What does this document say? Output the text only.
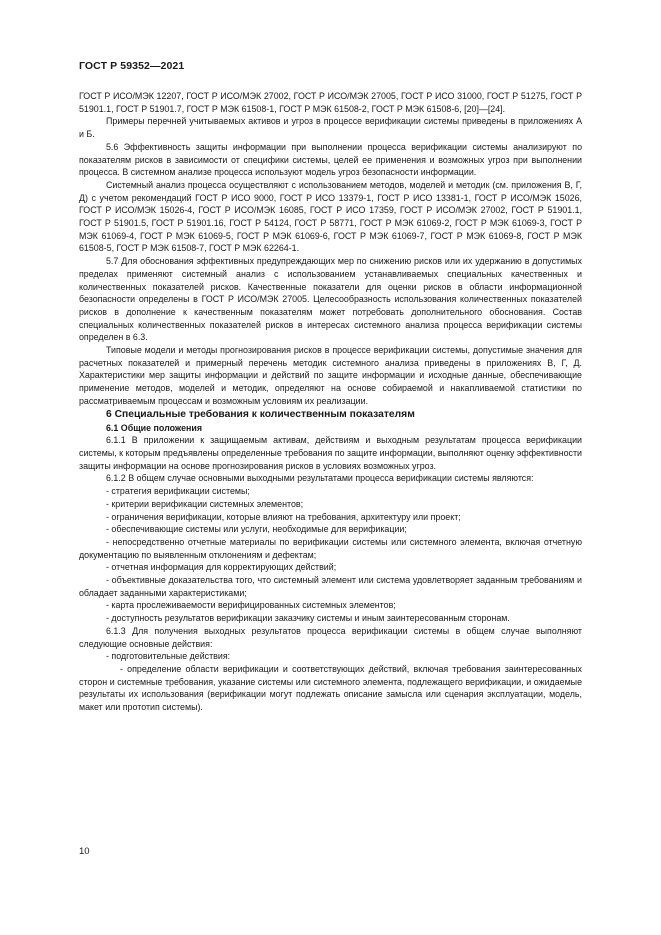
ГОСТ Р 59352—2021

ГОСТ Р ИСО/МЭК 12207, ГОСТ Р ИСО/МЭК 27002, ГОСТ Р ИСО/МЭК 27005, ГОСТ Р ИСО 31000, ГОСТ Р 51275, ГОСТ Р 51901.1, ГОСТ Р 51901.7, ГОСТ Р МЭК 61508-1, ГОСТ Р МЭК 61508-2, ГОСТ Р МЭК 61508-6, [20]—[24].

Примеры перечней учитываемых активов и угроз в процессе верификации системы приведены в приложениях А и Б.

5.6 Эффективность защиты информации при выполнении процесса верификации системы анализируют по показателям рисков в зависимости от специфики системы, целей ее применения и возможных угроз при выполнении процесса. В системном анализе процесса используют модель угроз безопасности информации.

Системный анализ процесса осуществляют с использованием методов, моделей и методик (см. приложения В, Г, Д) с учетом рекомендаций ГОСТ Р ИСО 9000, ГОСТ Р ИСО 13379-1, ГОСТ Р ИСО 13381-1, ГОСТ Р ИСО/МЭК 15026, ГОСТ Р ИСО/МЭК 15026-4, ГОСТ Р ИСО/МЭК 16085, ГОСТ Р ИСО 17359, ГОСТ Р ИСО/МЭК 27002, ГОСТ Р 51901.1, ГОСТ Р 51901.5, ГОСТ Р 51901.16, ГОСТ Р 54124, ГОСТ Р 58771, ГОСТ Р МЭК 61069-2, ГОСТ Р МЭК 61069-3, ГОСТ Р МЭК 61069-4, ГОСТ Р МЭК 61069-5, ГОСТ Р МЭК 61069-6, ГОСТ Р МЭК 61069-7, ГОСТ Р МЭК 61069-8, ГОСТ Р МЭК 61508-5, ГОСТ Р МЭК 61508-7, ГОСТ Р МЭК 62264-1.

5.7 Для обоснования эффективных предупреждающих мер по снижению рисков или их удержанию в допустимых пределах применяют системный анализ с использованием устанавливаемых специальных качественных и количественных показателей рисков. Качественные показатели для оценки рисков в области информационной безопасности определены в ГОСТ Р ИСО/МЭК 27005. Целесообразность использования количественных показателей рисков в дополнение к качественным показателям может потребовать дополнительного обоснования. Состав специальных количественных показателей рисков в интересах системного анализа процесса верификации системы определен в 6.3.

Типовые модели и методы прогнозирования рисков в процессе верификации системы, допустимые значения для расчетных показателей и примерный перечень методик системного анализа приведены в приложениях В, Г, Д. Характеристики мер защиты информации и действий по защите информации и исходные данные, обеспечивающие применение методов, моделей и методик, определяют на основе собираемой и накапливаемой статистики по рассматриваемым процессам и возможным условиям их реализации.

6 Специальные требования к количественным показателям

6.1 Общие положения

6.1.1 В приложении к защищаемым активам, действиям и выходным результатам процесса верификации системы, к которым предъявлены определенные требования по защите информации, выполняют оценку эффективности защиты информации на основе прогнозирования рисков в условиях возможных угроз.

6.1.2 В общем случае основными выходными результатами процесса верификации системы являются:

- стратегия верификации системы;

- критерии верификации системных элементов;

- ограничения верификации, которые влияют на требования, архитектуру или проект;

- обеспечивающие системы или услуги, необходимые для верификации;

- непосредственно отчетные материалы по верификации системы или системного элемента, включая отчетную документацию по выявленным отклонениям и дефектам;

- отчетная информация для корректирующих действий;

- объективные доказательства того, что системный элемент или система удовлетворяет заданным требованиям и обладает заданными характеристиками;

- карта прослеживаемости верифицированных системных элементов;

- доступность результатов верификации заказчику системы и иным заинтересованным сторонам.

6.1.3 Для получения выходных результатов процесса верификации системы в общем случае выполняют следующие основные действия:

- подготовительные действия:

- определение области верификации и соответствующих действий, включая требования заинтересованных сторон и системные требования, указание системы или системного элемента, подлежащего верификации, и ожидаемые результаты их использования (верификации могут подлежать описание замысла или сценария эксплуатации, модель, макет или прототип системы).

10
